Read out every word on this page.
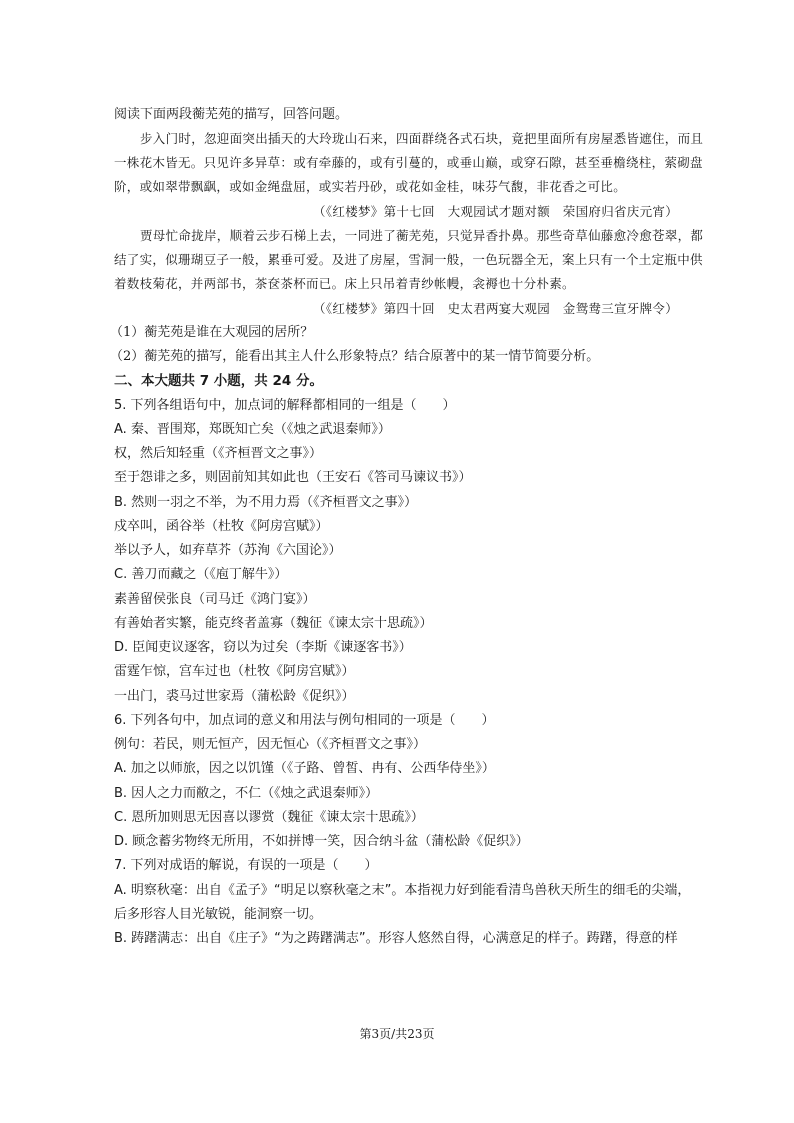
阅读下面两段蘅芜苑的描写，回答问题。
步入门时，忽迎面突出插天的大玲珑山石来，四面群绕各式石块，竟把里面所有房屋悉皆遮住，而且
一株花木皆无。只见许多异草：或有牵藤的，或有引蔓的，或垂山巅，或穿石隙，甚至垂檐绕柱，萦砌盘
阶，或如翠带飘飖，或如金绳盘屈，或实若丹砂，或花如金桂，味芬气馥，非花香之可比。
（《红楼梦》第十七回　大观园试才题对额　荣国府归省庆元宵）
贾母忙命拢岸，顺着云步石梯上去，一同进了蘅芜苑，只觉异香扑鼻。那些奇草仙藤愈冷愈苍翠，都
结了实，似珊瑚豆子一般，累垂可爱。及进了房屋，雪洞一般，一色玩器全无，案上只有一个土定瓶中供
着数枝菊花，并两部书，茶奁茶杯而已。床上只吊着青纱帐幔，衾褥也十分朴素。
（《红楼梦》第四十回　史太君两宴大观园　金鸳鸯三宣牙牌令）
（1）蘅芜苑是谁在大观园的居所？
（2）蘅芜苑的描写，能看出其主人什么形象特点？结合原著中的某一情节简要分析。
二、本大题共 7 小题，共 24 分。
5. 下列各组语句中，加点词的解释都相同的一组是（　　）
A. 秦、晋围郑，郑既知亡矣（《烛之武退秦师》）
权，然后知轻重（《齐桓晋文之事》）
至于怨诽之多，则固前知其如此也（王安石《答司马谏议书》）
B. 然则一羽之不举，为不用力焉（《齐桓晋文之事》）
戍卒叫，函谷举（杜牧《阿房宫赋》）
举以予人，如弃草芥（苏洵《六国论》）
C. 善刀而藏之（《庖丁解牛》）
素善留侯张良（司马迁《鸿门宴》）
有善始者实繁，能克终者盖寡（魏征《谏太宗十思疏》）
D. 臣闻吏议逐客，窃以为过矣（李斯《谏逐客书》）
雷霆乍惊，宫车过也（杜牧《阿房宫赋》）
一出门，裘马过世家焉（蒲松龄《促织》）
6. 下列各句中，加点词的意义和用法与例句相同的一项是（　　）
例句：若民，则无恒产，因无恒心（《齐桓晋文之事》）
A. 加之以师旅，因之以饥馑（《子路、曾皙、冉有、公西华侍坐》）
B. 因人之力而敝之，不仁（《烛之武退秦师》）
C. 恩所加则思无因喜以谬赏（魏征《谏太宗十思疏》）
D. 顾念蓄劣物终无所用，不如拼博一笑，因合纳斗盆（蒲松龄《促织》）
7. 下列对成语的解说，有误的一项是（　　）
A. 明察秋毫：出自《孟子》“明足以察秋毫之末”。本指视力好到能看清鸟兽秋天所生的细毛的尖端，
后多形容人目光敏锐，能洞察一切。
B. 踌躇满志：出自《庄子》“为之踌躇满志”。形容人悠然自得，心满意足的样子。踌躇，得意的样
第3页/共23页
